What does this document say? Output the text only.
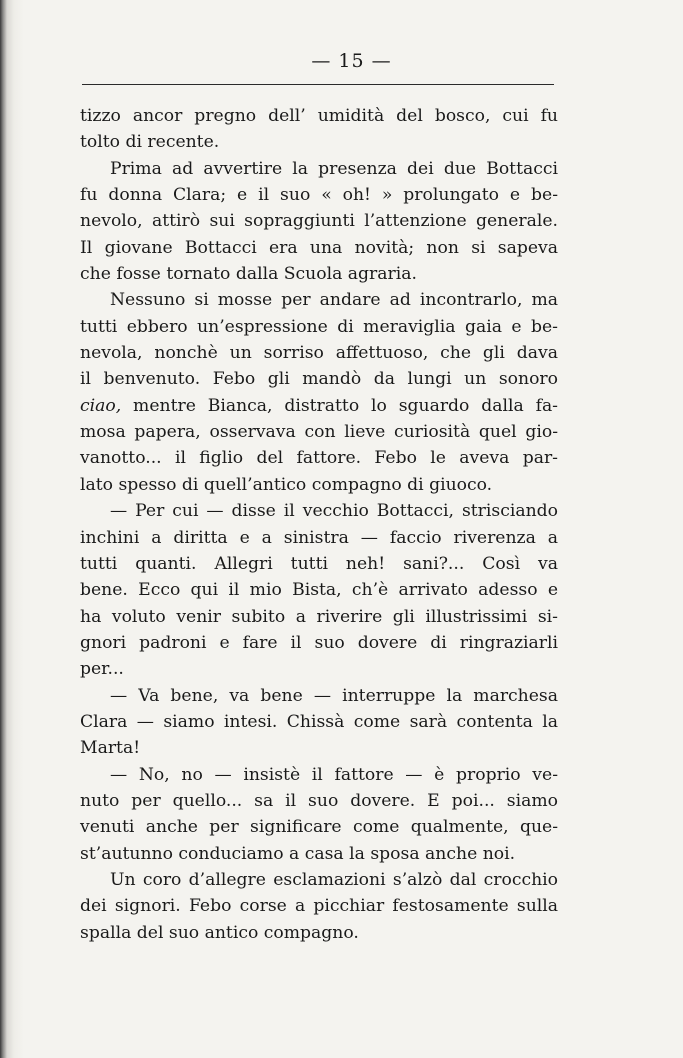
— 15 —
tizzo ancor pregno dell’ umidità del bosco, cui fu
tolto di recente.
Prima ad avvertire la presenza dei due Bottacci
fu donna Clara; e il suo « oh! » prolungato e be-
nevolo, attirò sui sopraggiunti l’attenzione generale.
Il giovane Bottacci era una novità; non si sapeva
che fosse tornato dalla Scuola agraria.
Nessuno si mosse per andare ad incontrarlo, ma
tutti ebbero un’espressione di meraviglia gaia e be-
nevola, nonchè un sorriso affettuoso, che gli dava
il benvenuto. Febo gli mandò da lungi un sonoro
ciao, mentre Bianca, distratto lo sguardo dalla fa-
mosa papera, osservava con lieve curiosità quel gio-
vanotto... il figlio del fattore. Febo le aveva par-
lato spesso di quell’antico compagno di giuoco.
— Per cui — disse il vecchio Bottacci, strisciando
inchini a diritta e a sinistra — faccio riverenza a
tutti quanti. Allegri tutti neh! sani?... Così va
bene. Ecco qui il mio Bista, ch’è arrivato adesso e
ha voluto venir subito a riverire gli illustrissimi si-
gnori padroni e fare il suo dovere di ringraziarli
per...
— Va bene, va bene — interruppe la marchesa
Clara — siamo intesi. Chissà come sarà contenta la
Marta!
— No, no — insistè il fattore — è proprio ve-
nuto per quello... sa il suo dovere. E poi... siamo
venuti anche per significare come qualmente, que-
st’autunno conduciamo a casa la sposa anche noi.
Un coro d’allegre esclamazioni s’alzò dal crocchio
dei signori. Febo corse a picchiar festosamente sulla
spalla del suo antico compagno.
